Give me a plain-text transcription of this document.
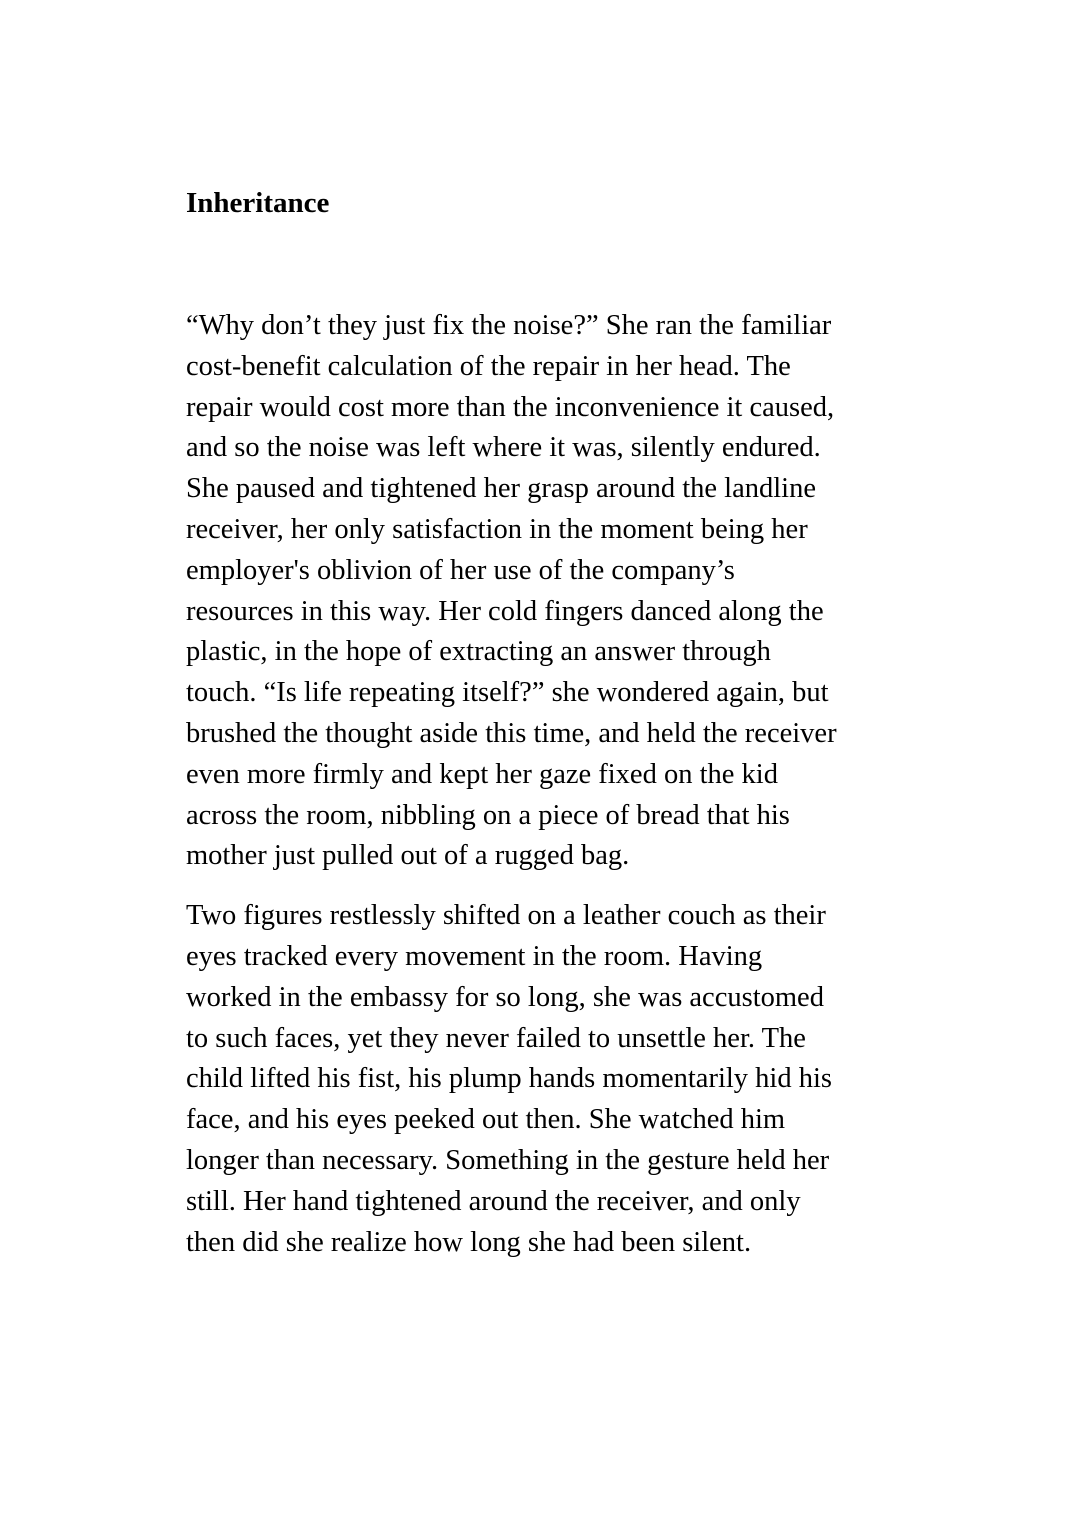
Inheritance

“Why don’t they just fix the noise?” She ran the familiar
cost-benefit calculation of the repair in her head. The
repair would cost more than the inconvenience it caused,
and so the noise was left where it was, silently endured.
She paused and tightened her grasp around the landline
receiver, her only satisfaction in the moment being her
employer's oblivion of her use of the company’s
resources in this way. Her cold fingers danced along the
plastic, in the hope of extracting an answer through
touch. “Is life repeating itself?” she wondered again, but
brushed the thought aside this time, and held the receiver
even more firmly and kept her gaze fixed on the kid
across the room, nibbling on a piece of bread that his
mother just pulled out of a rugged bag.

Two figures restlessly shifted on a leather couch as their
eyes tracked every movement in the room. Having
worked in the embassy for so long, she was accustomed
to such faces, yet they never failed to unsettle her. The
child lifted his fist, his plump hands momentarily hid his
face, and his eyes peeked out then. She watched him
longer than necessary. Something in the gesture held her
still. Her hand tightened around the receiver, and only
then did she realize how long she had been silent.
